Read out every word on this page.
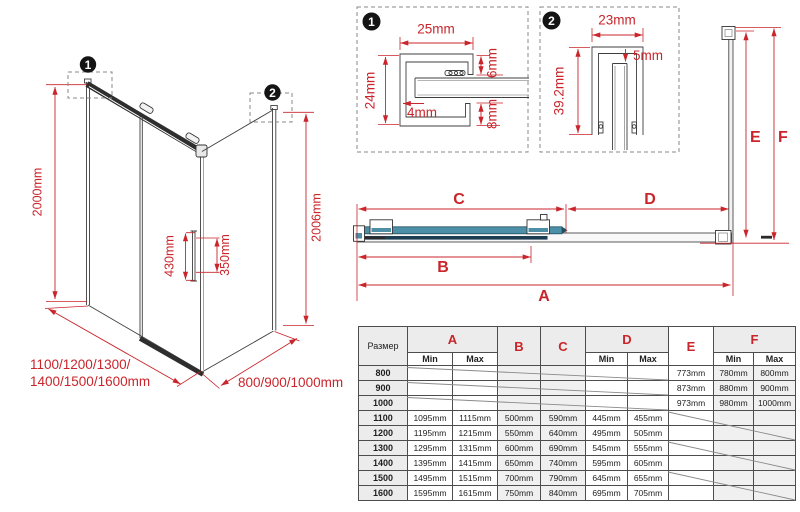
2000mm
2006mm
430mm	350mm
1100/1200/1300/
1400/1500/1600mm	800/900/1000mm
1
2
1	25mm
24mm
4mm
6mm
8mm
2	23mm
5mm
39.2mm
C	D
B
A
E F
Размер	A		B	C	D		E	F	
	Min	Max			Min	Max		Min	Max
800							773mm	780mm	800mm
900							873mm	880mm	900mm
1000							973mm	980mm	1000mm
1100	1095mm	1115mm	500mm	590mm	445mm	455mm			
1200	1195mm	1215mm	550mm	640mm	495mm	505mm			
1300	1295mm	1315mm	600mm	690mm	545mm	555mm			
1400	1395mm	1415mm	650mm	740mm	595mm	605mm			
1500	1495mm	1515mm	700mm	790mm	645mm	655mm			
1600	1595mm	1615mm	750mm	840mm	695mm	705mm			
